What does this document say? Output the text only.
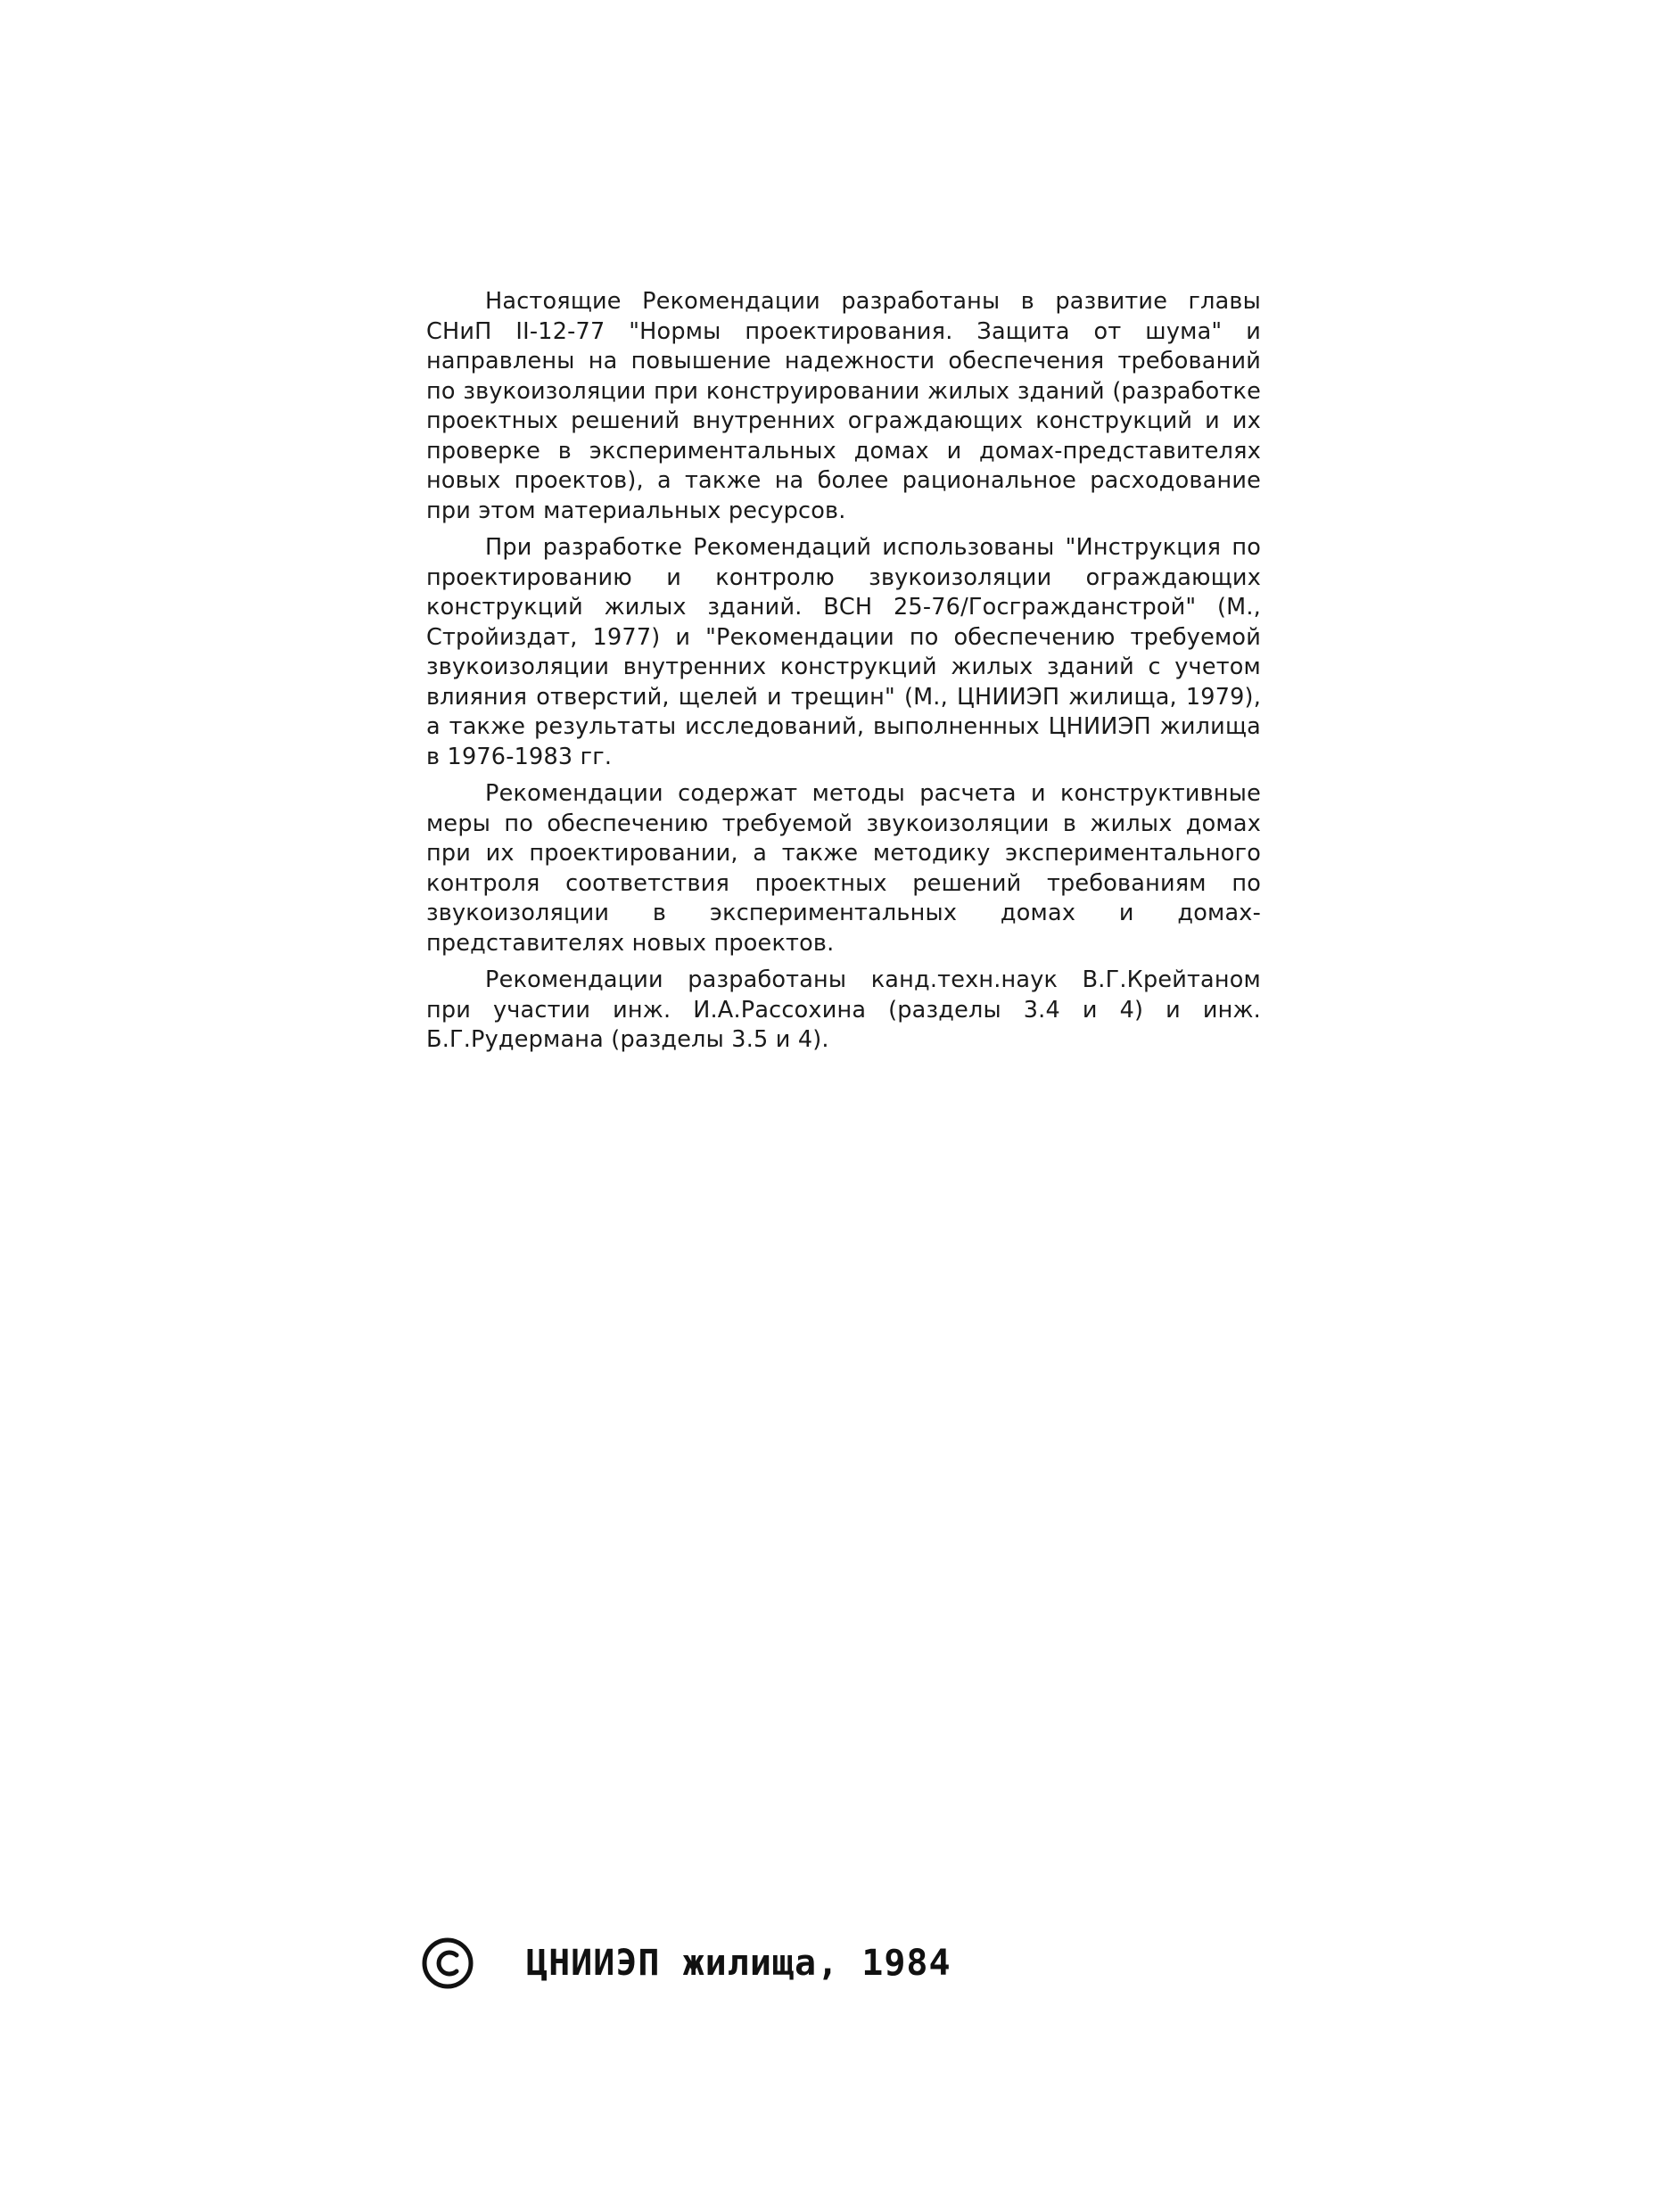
Настоящие Рекомендации разработаны в развитие главы СНиП II-12-77 "Нормы проектирования. Защита от шума" и направлены на повышение надежности обеспечения требований по звукоизоляции при конструировании жилых зданий (разработке проектных решений внутренних ограждающих конструкций и их проверке в экспериментальных домах и домах-представителях новых проектов), а также на более рациональное расходование при этом материальных ресурсов.

При разработке Рекомендаций использованы "Инструкция по проектированию и контролю звукоизоляции ограждающих конструкций жилых зданий. ВСН 25-76/Госгражданстрой" (М., Стройиздат, 1977) и "Рекомендации по обеспечению требуемой звукоизоляции внутренних конструкций жилых зданий с учетом влияния отверстий, щелей и трещин" (М., ЦНИИЭП жилища, 1979), а также результаты исследований, выполненных ЦНИИЭП жилища в 1976-1983 гг.

Рекомендации содержат методы расчета и конструктивные меры по обеспечению требуемой звукоизоляции в жилых домах при их проектировании, а также методику экспериментального контроля соответствия проектных решений требованиям по звукоизоляции в экспериментальных домах и домах-представителях новых проектов.

Рекомендации разработаны канд.техн.наук В.Г.Крейтаном при участии инж. И.А.Рассохина (разделы 3.4 и 4) и инж. Б.Г.Рудермана (разделы 3.5 и 4).

ЦНИИЭП жилища, 1984
